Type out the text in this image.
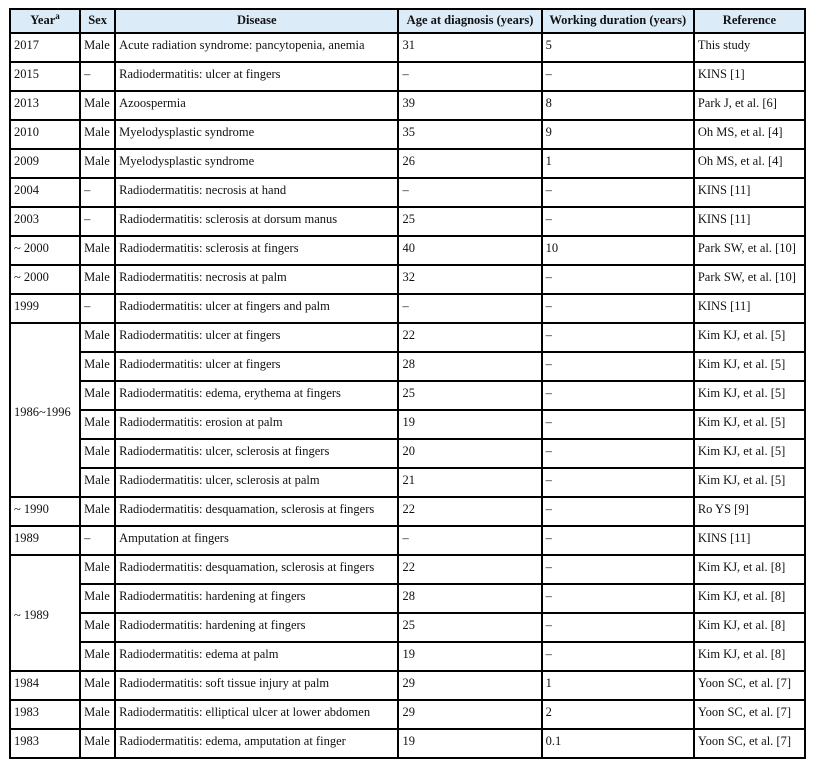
Year$^a$	Sex	Disease	Age at diagnosis (years)	Working duration (years)	Reference
2017	Male	Acute radiation syndrome: pancytopenia, anemia	31	5	This study
2015	–	Radiodermatitis: ulcer at fingers	–	–	KINS [1]
2013	Male	Azoospermia	39	8	Park J, et al. [6]
2010	Male	Myelodysplastic syndrome	35	9	Oh MS, et al. [4]
2009	Male	Myelodysplastic syndrome	26	1	Oh MS, et al. [4]
2004	–	Radiodermatitis: necrosis at hand	–	–	KINS [11]
2003	–	Radiodermatitis: sclerosis at dorsum manus	25	–	KINS [11]
~ 2000	Male	Radiodermatitis: sclerosis at fingers	40	10	Park SW, et al. [10]
~ 2000	Male	Radiodermatitis: necrosis at palm	32	–	Park SW, et al. [10]
1999	–	Radiodermatitis: ulcer at fingers and palm	–	–	KINS [11]
1986~1996	Male	Radiodermatitis: ulcer at fingers	22	–	Kim KJ, et al. [5]
	Male	Radiodermatitis: ulcer at fingers	28	–	Kim KJ, et al. [5]
	Male	Radiodermatitis: edema, erythema at fingers	25	–	Kim KJ, et al. [5]
	Male	Radiodermatitis: erosion at palm	19	–	Kim KJ, et al. [5]
	Male	Radiodermatitis: ulcer, sclerosis at fingers	20	–	Kim KJ, et al. [5]
	Male	Radiodermatitis: ulcer, sclerosis at palm	21	–	Kim KJ, et al. [5]
~ 1990	Male	Radiodermatitis: desquamation, sclerosis at fingers	22	–	Ro YS [9]
1989	–	Amputation at fingers	–	–	KINS [11]
~ 1989	Male	Radiodermatitis: desquamation, sclerosis at fingers	22	–	Kim KJ, et al. [8]
	Male	Radiodermatitis: hardening at fingers	28	–	Kim KJ, et al. [8]
	Male	Radiodermatitis: hardening at fingers	25	–	Kim KJ, et al. [8]
	Male	Radiodermatitis: edema at palm	19	–	Kim KJ, et al. [8]
1984	Male	Radiodermatitis: soft tissue injury at palm	29	1	Yoon SC, et al. [7]
1983	Male	Radiodermatitis: elliptical ulcer at lower abdomen	29	2	Yoon SC, et al. [7]
1983	Male	Radiodermatitis: edema, amputation at finger	19	0.1	Yoon SC, et al. [7]
